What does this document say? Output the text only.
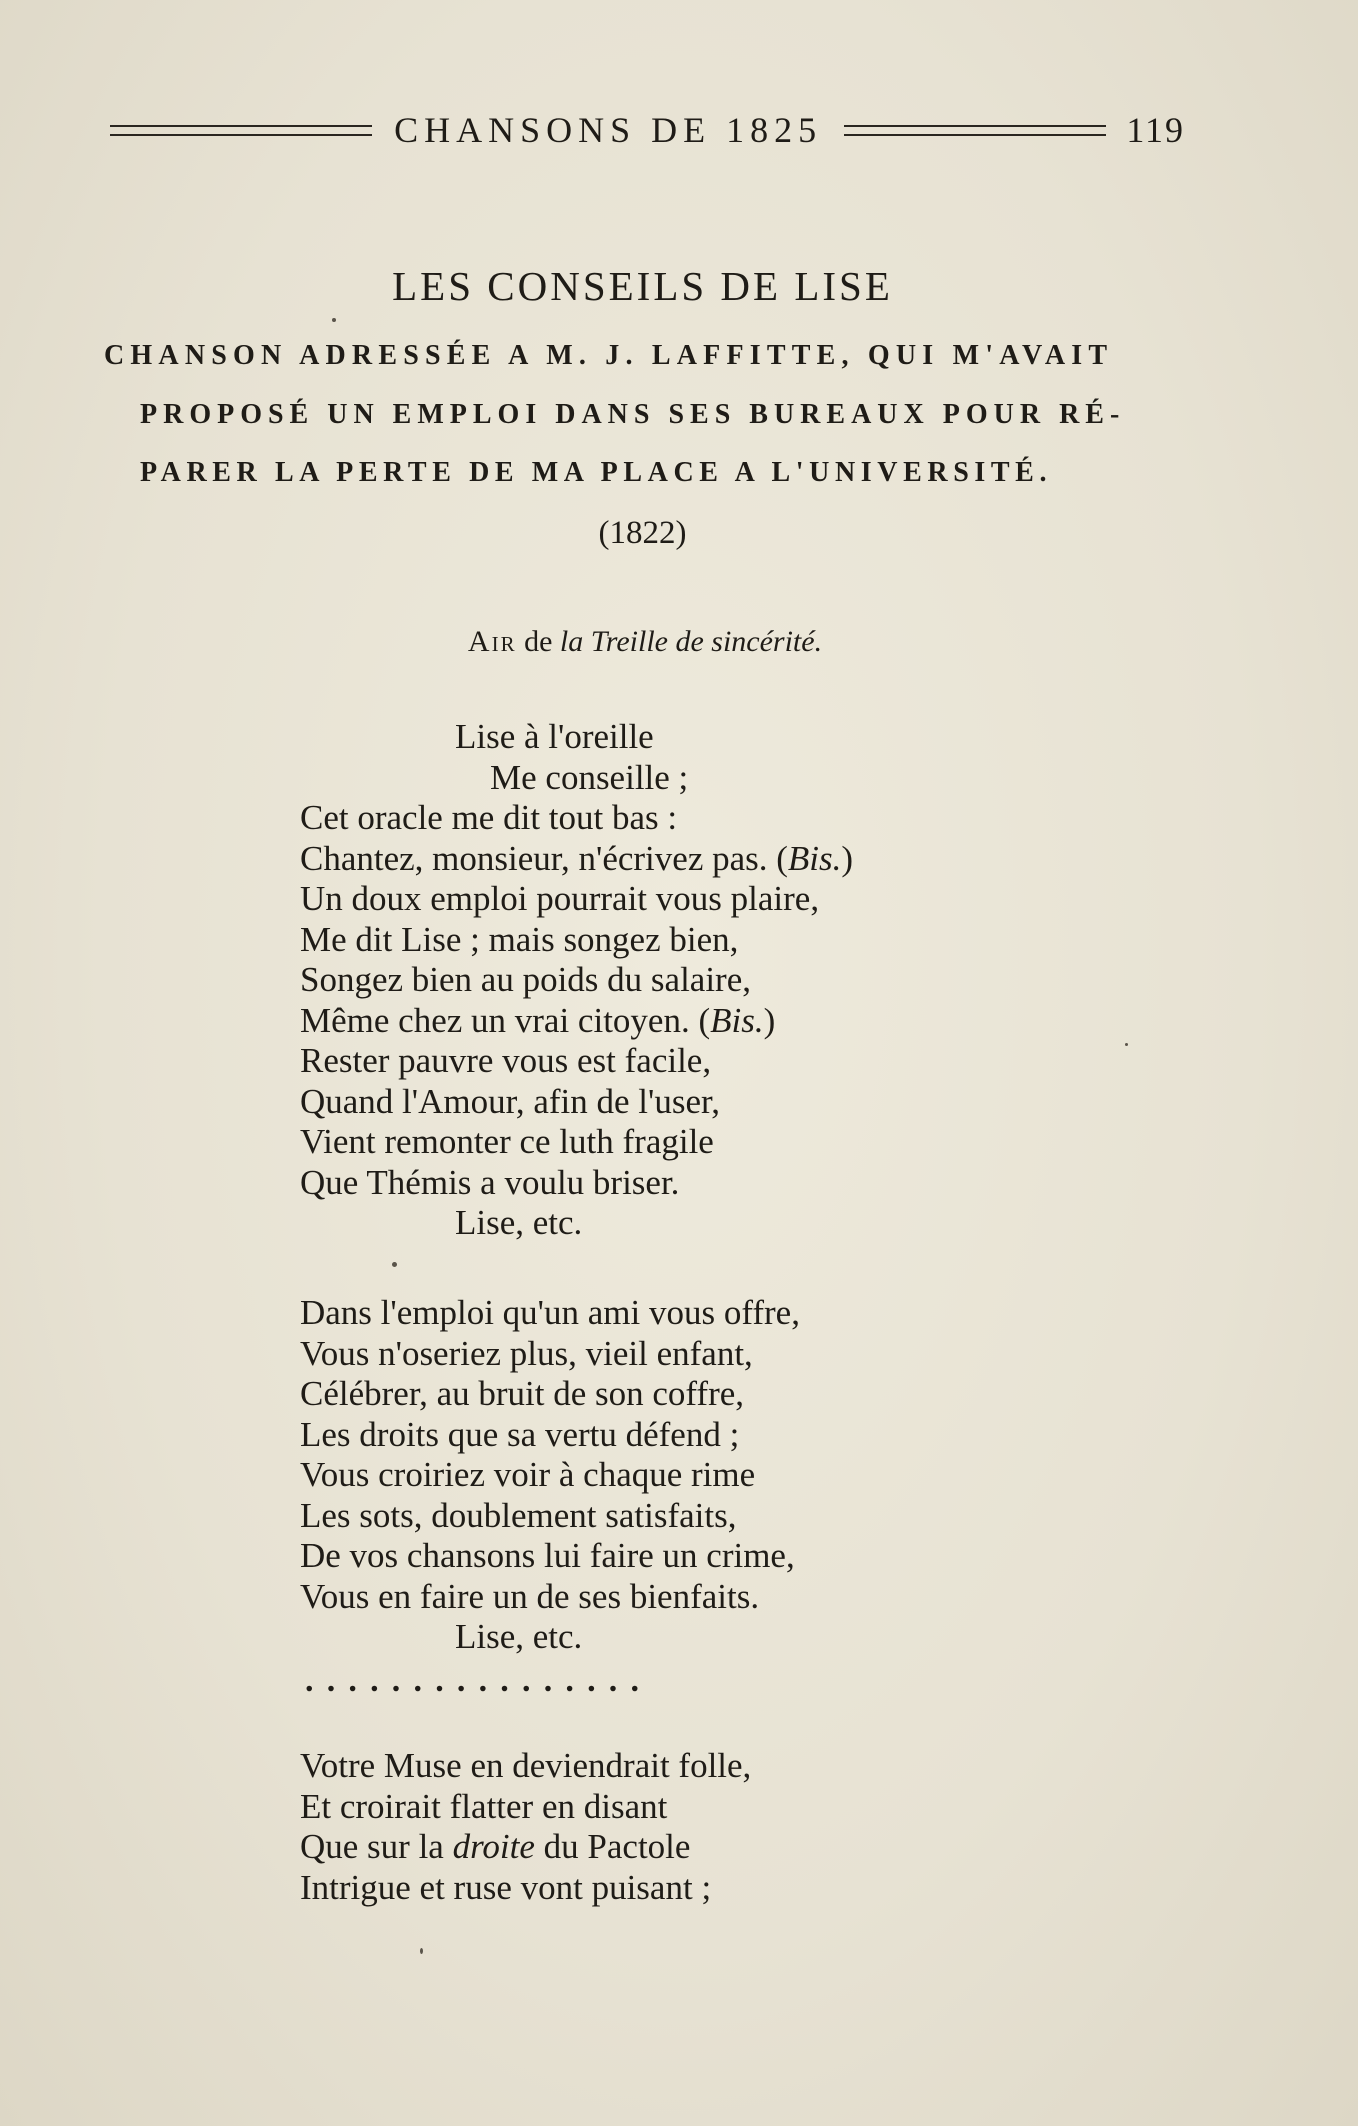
CHANSONS DE 1825	119
LES CONSEILS DE LISE
CHANSON ADRESSÉE A M. J. LAFFITTE, QUI M'AVAIT
PROPOSÉ UN EMPLOI DANS SES BUREAUX POUR RÉ-
PARER LA PERTE DE MA PLACE A L'UNIVERSITÉ.
(1822)
Air de la Treille de sincérité.
Lise à l'oreille
Me conseille ;
Cet oracle me dit tout bas :
Chantez, monsieur, n'écrivez pas. (Bis.)
Un doux emploi pourrait vous plaire,
Me dit Lise ; mais songez bien,
Songez bien au poids du salaire,
Même chez un vrai citoyen. (Bis.)
Rester pauvre vous est facile,
Quand l'Amour, afin de l'user,
Vient remonter ce luth fragile
Que Thémis a voulu briser.
Lise, etc.
Dans l'emploi qu'un ami vous offre,
Vous n'oseriez plus, vieil enfant,
Célébrer, au bruit de son coffre,
Les droits que sa vertu défend ;
Vous croiriez voir à chaque rime
Les sots, doublement satisfaits,
De vos chansons lui faire un crime,
Vous en faire un de ses bienfaits.
Lise, etc.
................
Votre Muse en deviendrait folle,
Et croirait flatter en disant
Que sur la droite du Pactole
Intrigue et ruse vont puisant ;
